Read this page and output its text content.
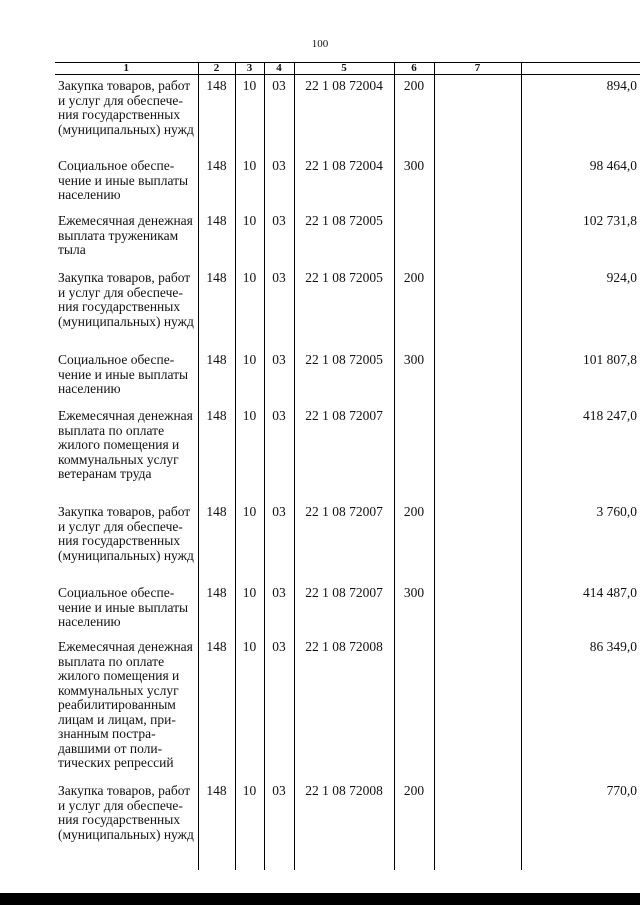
100
1	2	3	4	5	6	7	
Закупка товаров, работ и услуг для обеспечения государственных (муниципальных) нужд	148	10	03	22 1 08 72004	200		894,0
Социальное обеспечение и иные выплаты населению	148	10	03	22 1 08 72004	300		98 464,0
Ежемесячная денежная выплата труженикам тыла	148	10	03	22 1 08 72005			102 731,8
Закупка товаров, работ и услуг для обеспечения государственных (муниципальных) нужд	148	10	03	22 1 08 72005	200		924,0
Социальное обеспечение и иные выплаты населению	148	10	03	22 1 08 72005	300		101 807,8
Ежемесячная денежная выплата по оплате жилого помещения и коммунальных услуг ветеранам труда	148	10	03	22 1 08 72007			418 247,0
Закупка товаров, работ и услуг для обеспечения государственных (муниципальных) нужд	148	10	03	22 1 08 72007	200		3 760,0
Социальное обеспечение и иные выплаты населению	148	10	03	22 1 08 72007	300		414 487,0
Ежемесячная денежная выплата по оплате жилого помещения и коммунальных услуг реабилитированным лицам и лицам, признанным пострадавшими от политических репрессий	148	10	03	22 1 08 72008			86 349,0
Закупка товаров, работ и услуг для обеспечения государственных (муниципальных) нужд	148	10	03	22 1 08 72008	200		770,0
